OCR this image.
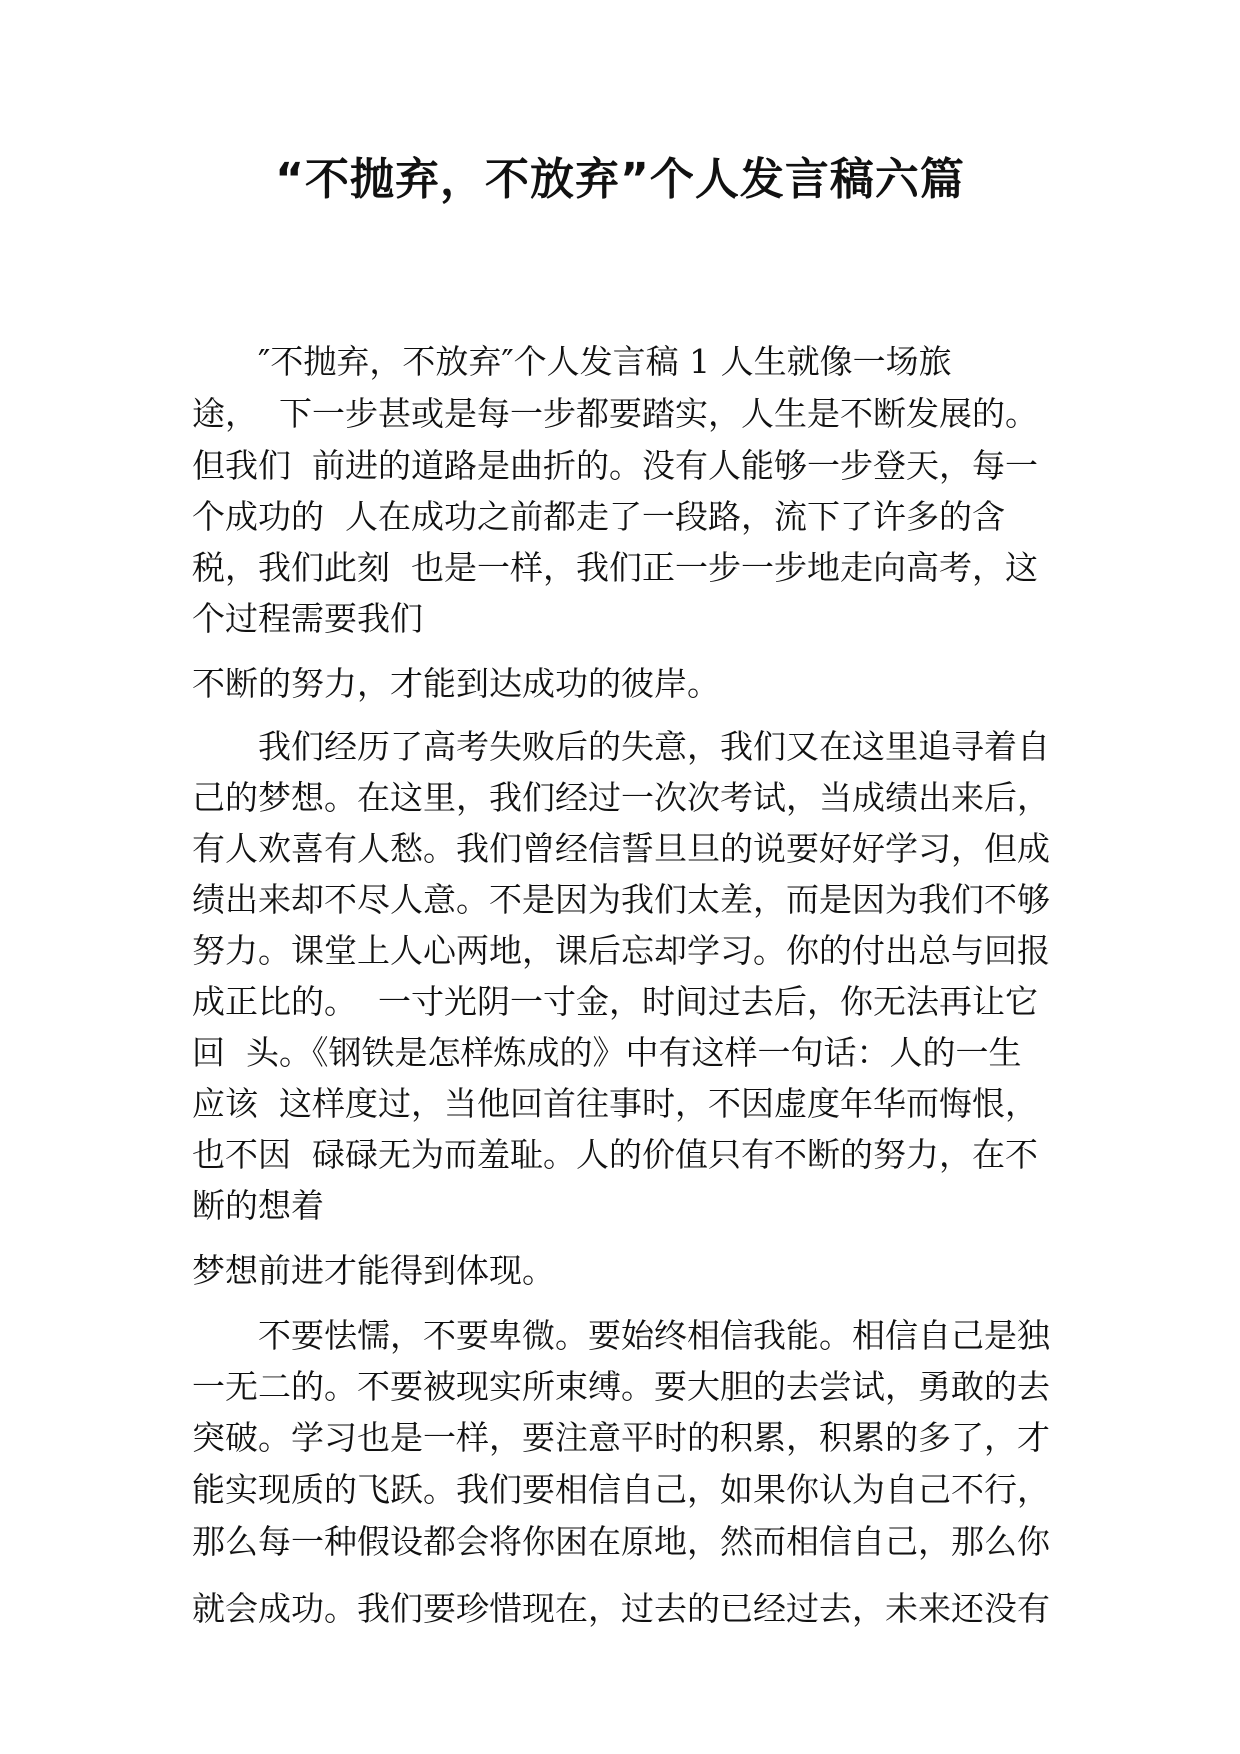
“不抛弃，不放弃”个人发言稿六篇
″不抛弃，不放弃″个人发言稿 1 人生就像一场旅
途，  下一步甚或是每一步都要踏实，人生是不断发展的。
但我们  前进的道路是曲折的。没有人能够一步登天，每一
个成功的  人在成功之前都走了一段路，流下了许多的含
税，我们此刻  也是一样，我们正一步一步地走向高考，这
个过程需要我们
不断的努力，才能到达成功的彼岸。
我们经历了高考失败后的失意，我们又在这里追寻着自
己的梦想。在这里，我们经过一次次考试，当成绩出来后，
有人欢喜有人愁。我们曾经信誓旦旦的说要好好学习，但成
绩出来却不尽人意。不是因为我们太差，而是因为我们不够
努力。课堂上人心两地，课后忘却学习。你的付出总与回报
成正比的。  一寸光阴一寸金，时间过去后，你无法再让它
回  头。《钢铁是怎样炼成的》中有这样一句话：人的一生
应该  这样度过，当他回首往事时，不因虚度年华而悔恨，
也不因  碌碌无为而羞耻。人的价值只有不断的努力，在不
断的想着
梦想前进才能得到体现。
不要怯懦，不要卑微。要始终相信我能。相信自己是独
一无二的。不要被现实所束缚。要大胆的去尝试，勇敢的去
突破。学习也是一样，要注意平时的积累，积累的多了，才
能实现质的飞跃。我们要相信自己，如果你认为自己不行，
那么每一种假设都会将你困在原地，然而相信自己，那么你
就会成功。我们要珍惜现在，过去的已经过去，未来还没有
